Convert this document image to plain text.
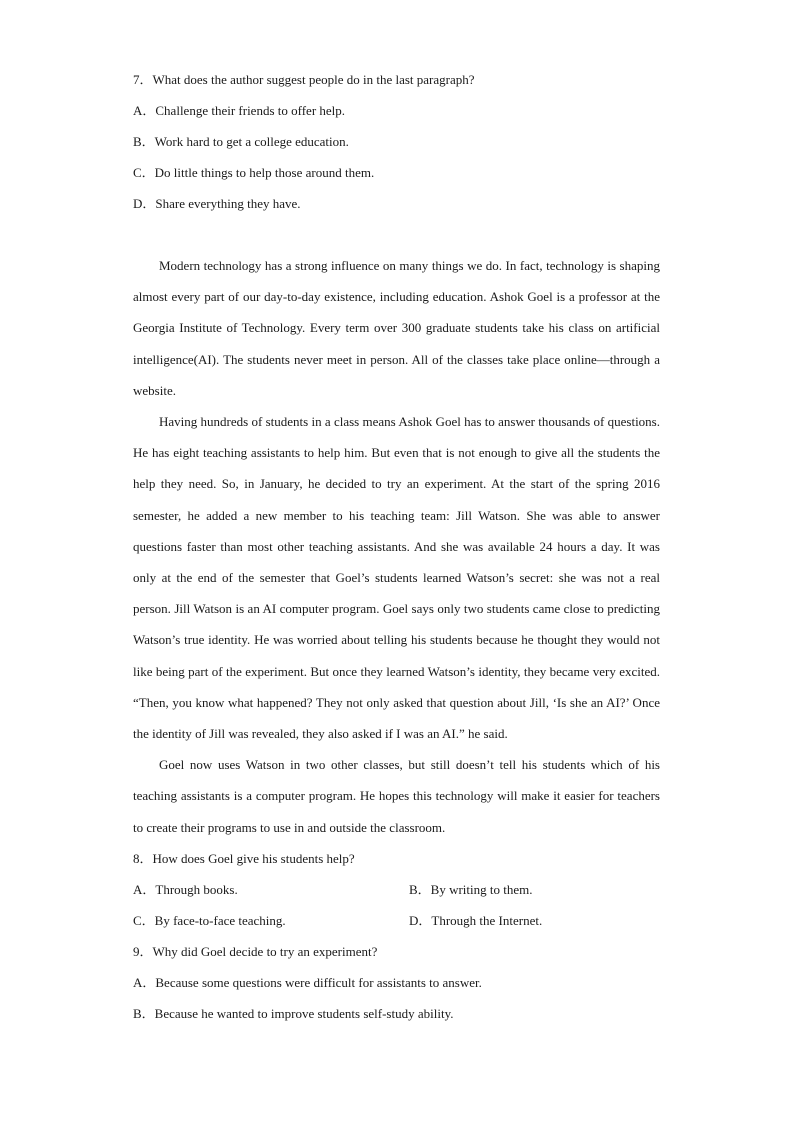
7．What does the author suggest people do in the last paragraph?
A．Challenge their friends to offer help.
B．Work hard to get a college education.
C．Do little things to help those around them.
D．Share everything they have.

Modern technology has a strong influence on many things we do. In fact, technology is shaping almost every part of our day-to-day existence, including education. Ashok Goel is a professor at the Georgia Institute of Technology. Every term over 300 graduate students take his class on artificial intelligence(AI). The students never meet in person. All of the classes take place online—through a website.

Having hundreds of students in a class means Ashok Goel has to answer thousands of questions. He has eight teaching assistants to help him. But even that is not enough to give all the students the help they need. So, in January, he decided to try an experiment. At the start of the spring 2016 semester, he added a new member to his teaching team: Jill Watson. She was able to answer questions faster than most other teaching assistants. And she was available 24 hours a day. It was only at the end of the semester that Goel’s students learned Watson’s secret: she was not a real person. Jill Watson is an AI computer program. Goel says only two students came close to predicting Watson’s true identity. He was worried about telling his students because he thought they would not like being part of the experiment. But once they learned Watson’s identity, they became very excited. “Then, you know what happened? They not only asked that question about Jill, ‘Is she an AI?’ Once the identity of Jill was revealed, they also asked if I was an AI.” he said.

Goel now uses Watson in two other classes, but still doesn’t tell his students which of his teaching assistants is a computer program. He hopes this technology will make it easier for teachers to create their programs to use in and outside the classroom.

8．How does Goel give his students help?
A．Through books.	B．By writing to them.
C．By face-to-face teaching.	D．Through the Internet.
9．Why did Goel decide to try an experiment?
A．Because some questions were difficult for assistants to answer.
B．Because he wanted to improve students self-study ability.
